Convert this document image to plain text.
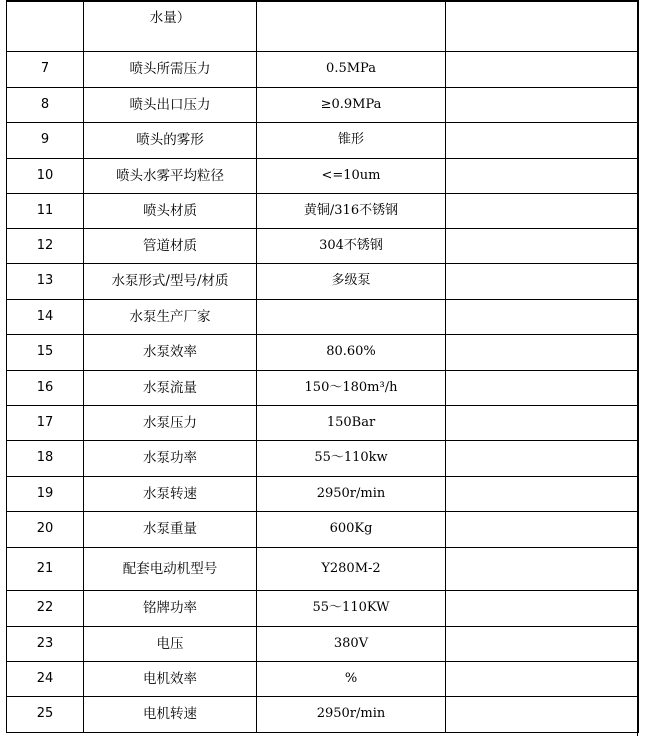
	水量）		
7	喷头所需压力	0.5MPa	
8	喷头出口压力	≥0.9MPa	
9	喷头的雾形	锥形	
10	喷头水雾平均粒径	<=10um	
11	喷头材质	黄铜/316不锈钢	
12	管道材质	304不锈钢	
13	水泵形式/型号/材质	多级泵	
14	水泵生产厂家		
15	水泵效率	80.60%	
16	水泵流量	150～180m³/h	
17	水泵压力	150Bar	
18	水泵功率	55～110kw	
19	水泵转速	2950r/min	
20	水泵重量	600Kg	
21	配套电动机型号	Y280M-2	
22	铭牌功率	55～110KW	
23	电压	380V	
24	电机效率	%	
25	电机转速	2950r/min	
